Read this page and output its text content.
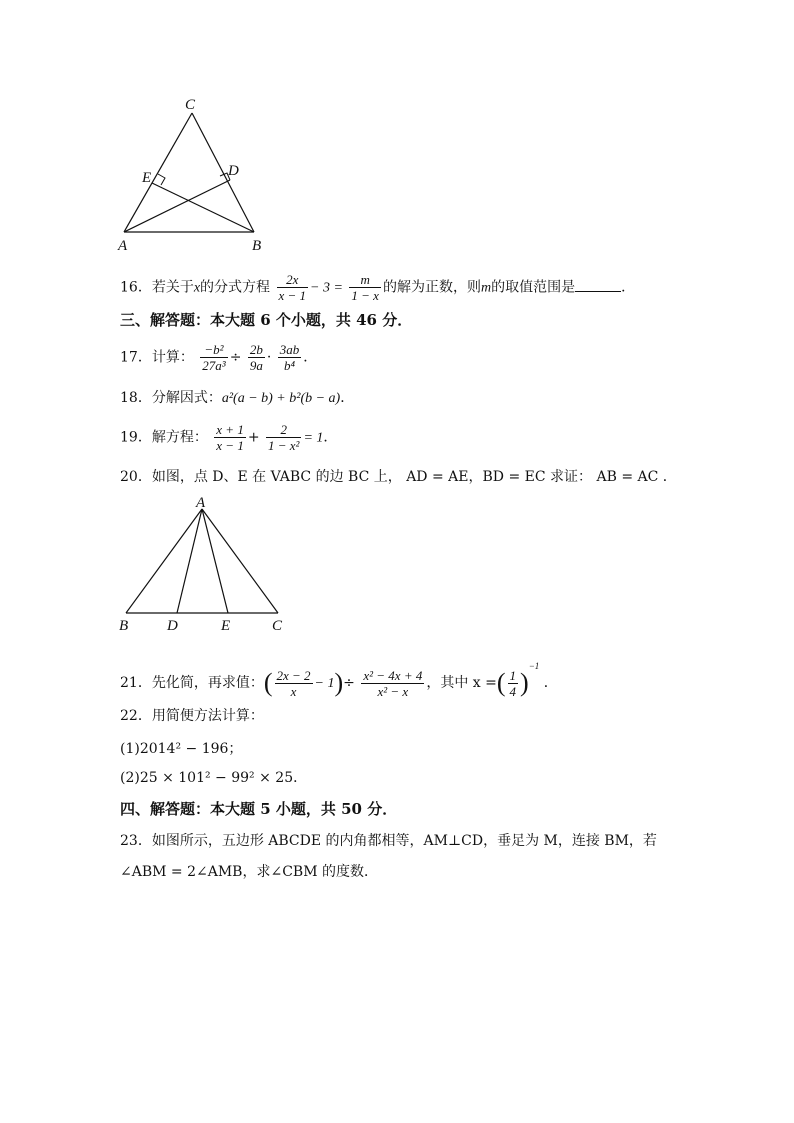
C
E	D
A	B
16．若关于x的分式方程 $\frac{2x}{x - 1} - 3 = \frac{m}{1 - x}$ 的解为正数，则m的取值范围是	．
三、解答题：本大题 6 个小题，共 46 分．
17．计算： $\frac{\text{−b²}}{\text{27a³}} \div \frac{2b}{9a} \cdot \frac{3ab}{\text{b⁴}}$ ．
18．分解因式：a²(a − b) + b²(b − a)．
19．解方程： $\frac{x + 1}{x - 1} + \frac{2}{\text{1 − x²}} = 1$．
20．如图，点 D、E 在 VABC 的边 BC 上， AD = AE，BD = EC 求证： AB = AC ．
A
B	D	E	C
21．先化简，再求值：( $\frac{2x - 2}{x} - 1)\div \frac{\text{x² − 4x + 4}}{\text{x² − x}}$ ，其中 x =( $\frac{1}{4} )^{-1}$ ．
22．用简便方法计算：
(1)2014² − 196；
(2)25 × 101² − 99² × 25．
四、解答题：本大题 5 小题，共 50 分．
23．如图所示，五边形 ABCDE 的内角都相等，AM⊥CD，垂足为 M，连接 BM，若
∠ABM = 2∠AMB，求∠CBM 的度数．
